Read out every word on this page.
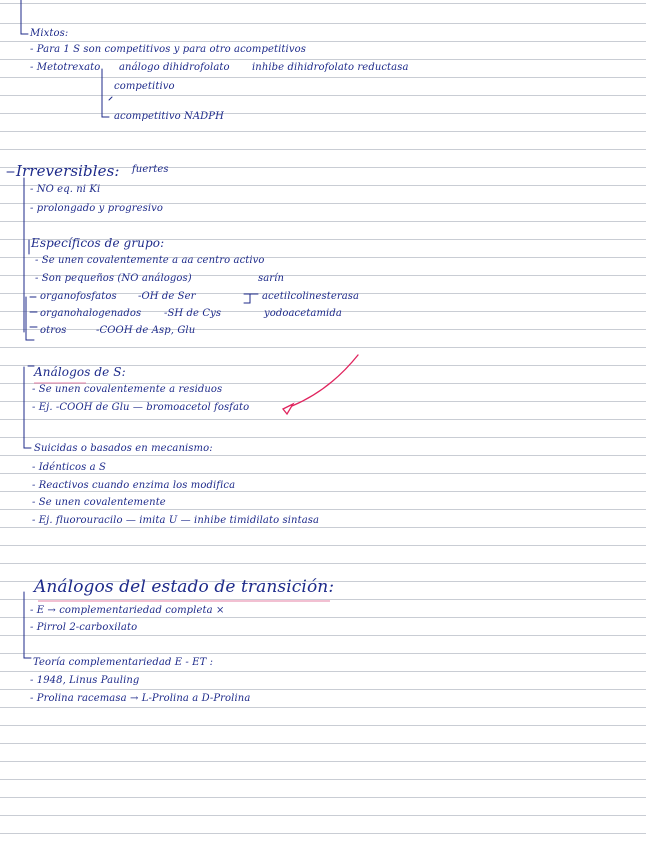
Mixtos:
- Para 1 S son competitivos y para otro acompetitivos
- Metotrexato análogo dihidrofolato inhibe dihidrofolato reductasa
competitivo
acompetitivo NADPH
Irreversibles: fuertes
- NO eq. ni Ki
- prolongado y progresivo
Específicos de grupo:
- Se unen covalentemente a aa centro activo
- Son pequeños (NO análogos)	sarín
organofosfatos -OH de Ser	acetilcolinesterasa
organohalogenados -SH de Cys	yodoacetamida
otros	-COOH de Asp, Glu
Análogos de S:
- Se unen covalentemente a residuos
- Ej. -COOH de Glu — bromoacetol fosfato
Suicidas o basados en mecanismo:
- Idénticos a S
- Reactivos cuando enzima los modifica
- Se unen covalentemente
- Ej. fluorouracilo — imita U — inhibe timidilato sintasa
Análogos del estado de transición:
- E → complementariedad completa ×
- Pirrol 2-carboxilato
Teoría complementariedad E - ET :
- 1948, Linus Pauling
- Prolina racemasa → L-Prolina a D-Prolina
